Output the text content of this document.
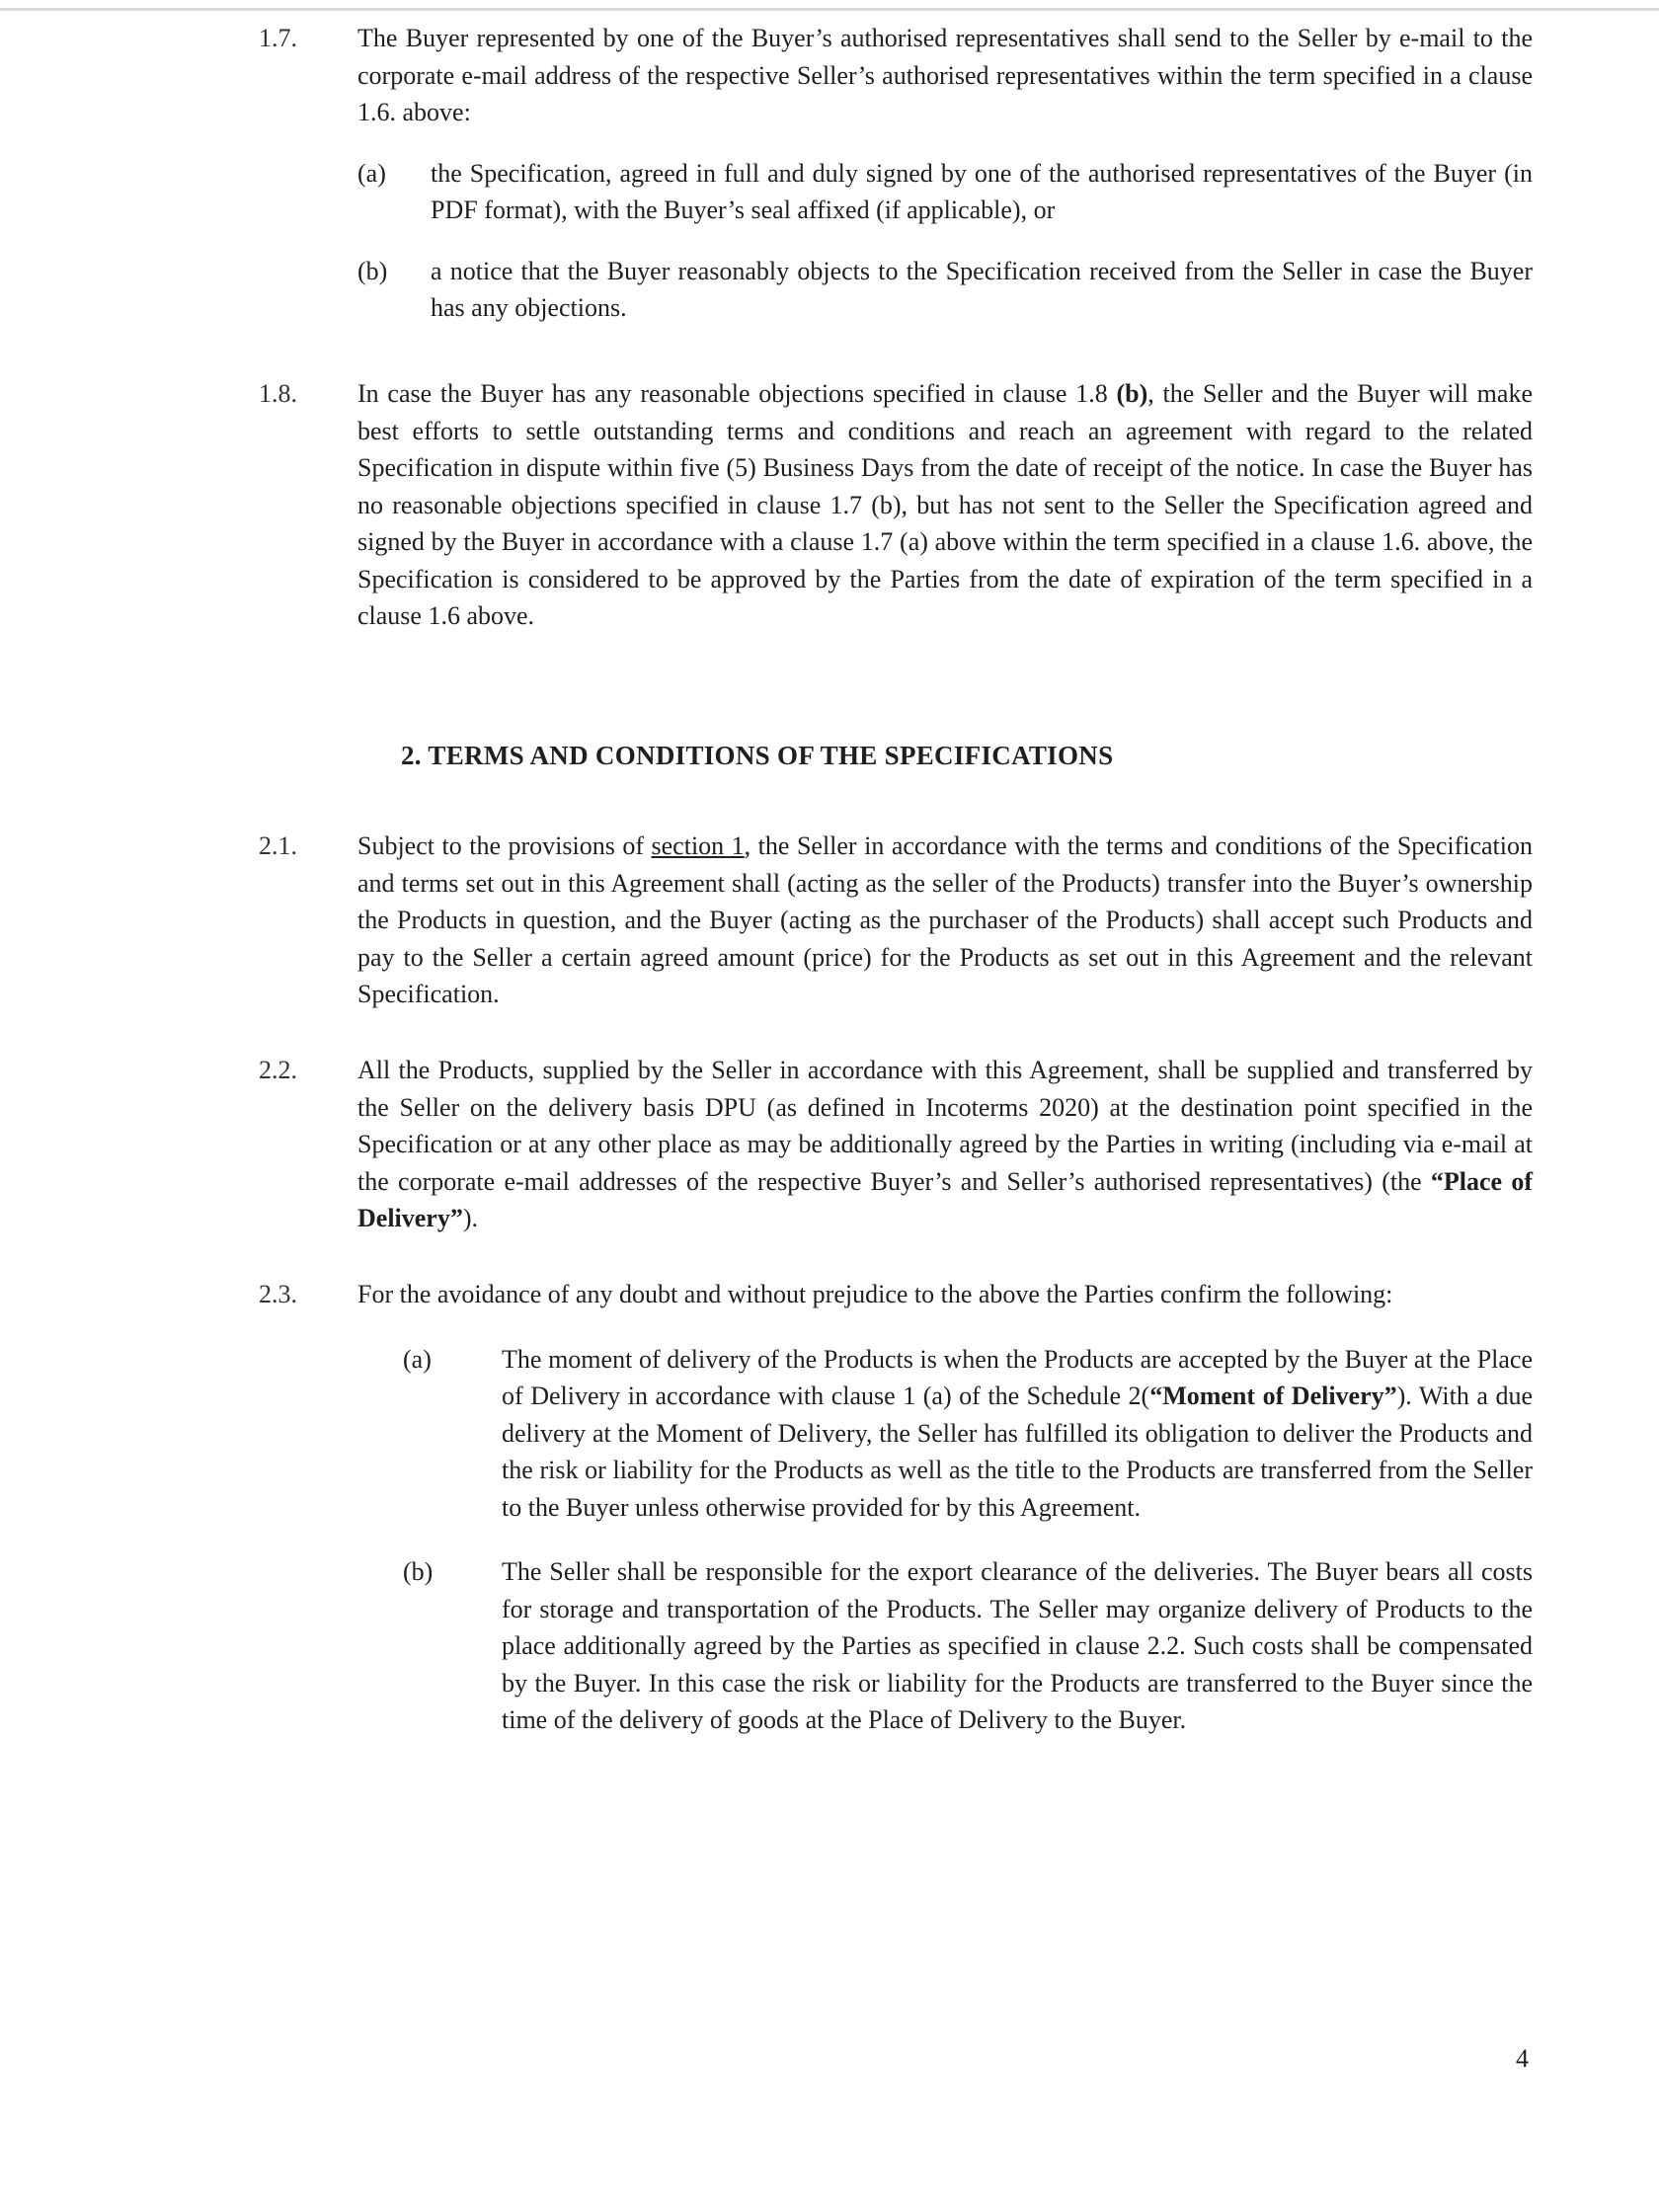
1.7. The Buyer represented by one of the Buyer’s authorised representatives shall send to the Seller by e-mail to the corporate e-mail address of the respective Seller’s authorised representatives within the term specified in a clause 1.6. above:
(a) the Specification, agreed in full and duly signed by one of the authorised representatives of the Buyer (in PDF format), with the Buyer’s seal affixed (if applicable), or
(b) a notice that the Buyer reasonably objects to the Specification received from the Seller in case the Buyer has any objections.
1.8. In case the Buyer has any reasonable objections specified in clause 1.8 (b), the Seller and the Buyer will make best efforts to settle outstanding terms and conditions and reach an agreement with regard to the related Specification in dispute within five (5) Business Days from the date of receipt of the notice. In case the Buyer has no reasonable objections specified in clause 1.7 (b), but has not sent to the Seller the Specification agreed and signed by the Buyer in accordance with a clause 1.7 (a) above within the term specified in a clause 1.6. above, the Specification is considered to be approved by the Parties from the date of expiration of the term specified in a clause 1.6 above.
2. TERMS AND CONDITIONS OF THE SPECIFICATIONS
2.1. Subject to the provisions of section 1, the Seller in accordance with the terms and conditions of the Specification and terms set out in this Agreement shall (acting as the seller of the Products) transfer into the Buyer’s ownership the Products in question, and the Buyer (acting as the purchaser of the Products) shall accept such Products and pay to the Seller a certain agreed amount (price) for the Products as set out in this Agreement and the relevant Specification.
2.2. All the Products, supplied by the Seller in accordance with this Agreement, shall be supplied and transferred by the Seller on the delivery basis DPU (as defined in Incoterms 2020) at the destination point specified in the Specification or at any other place as may be additionally agreed by the Parties in writing (including via e-mail at the corporate e-mail addresses of the respective Buyer’s and Seller’s authorised representatives) (the “Place of Delivery”).
2.3. For the avoidance of any doubt and without prejudice to the above the Parties confirm the following:
(a)	The moment of delivery of the Products is when the Products are accepted by the Buyer at the Place of Delivery in accordance with clause 1 (a) of the Schedule 2(“Moment of Delivery”). With a due delivery at the Moment of Delivery, the Seller has fulfilled its obligation to deliver the Products and the risk or liability for the Products as well as the title to the Products are transferred from the Seller to the Buyer unless otherwise provided for by this Agreement.
(b)	The Seller shall be responsible for the export clearance of the deliveries. The Buyer bears all costs for storage and transportation of the Products. The Seller may organize delivery of Products to the place additionally agreed by the Parties as specified in clause 2.2. Such costs shall be compensated by the Buyer. In this case the risk or liability for the Products are transferred to the Buyer since the time of the delivery of goods at the Place of Delivery to the Buyer.
4
